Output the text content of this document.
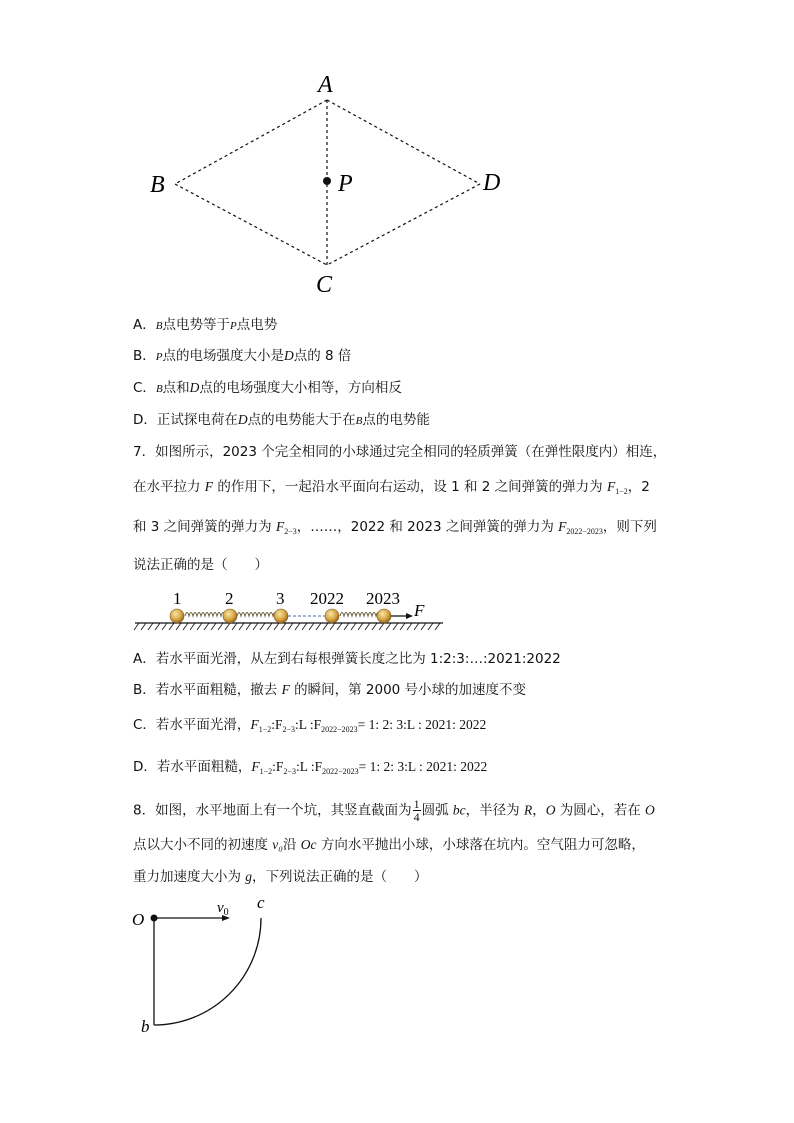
A
B
C
D
P
A．B点电势等于P点电势
B．P点的电场强度大小是D点的 8 倍
C．B点和D点的电场强度大小相等，方向相反
D．正试探电荷在D点的电势能大于在B点的电势能
7．如图所示，2023 个完全相同的小球通过完全相同的轻质弹簧（在弹性限度内）相连，
在水平拉力 F 的作用下，一起沿水平面向右运动，设 1 和 2 之间弹簧的弹力为 $F_{1-2}$，2
和 3 之间弹簧的弹力为 $F_{2-3}$，……，2022 和 2023 之间弹簧的弹力为 $F_{2022-2023}$，则下列
说法正确的是（　　）
1	2	3 2022 2023
F
A．若水平面光滑，从左到右每根弹簧长度之比为 1:2:3:…:2021:2022
B．若水平面粗糙，撤去 F 的瞬间，第 2000 号小球的加速度不变
C．若水平面光滑，$F_{1-2}:F_{2-3}:L$ $:F_{2022-2023}= 1$: 2: 3:L : 2021: 2022
D．若水平面粗糙，$F_{1-2}:F_{2-3}:L$ $:F_{2022-2023}= 1$: 2: 3:L : 2021: 2022
8．如图，水平地面上有一个坑，其竖直截面为 $\frac{1}{4}$ 圆弧 bc，半径为 R，O 为圆心，若在 O
点以大小不同的初速度 v₀沿 Oc 方向水平抛出小球，小球落在坑内。空气阻力可忽略，
重力加速度大小为 g，下列说法正确的是（　　）
O
$v_0$
c
b
